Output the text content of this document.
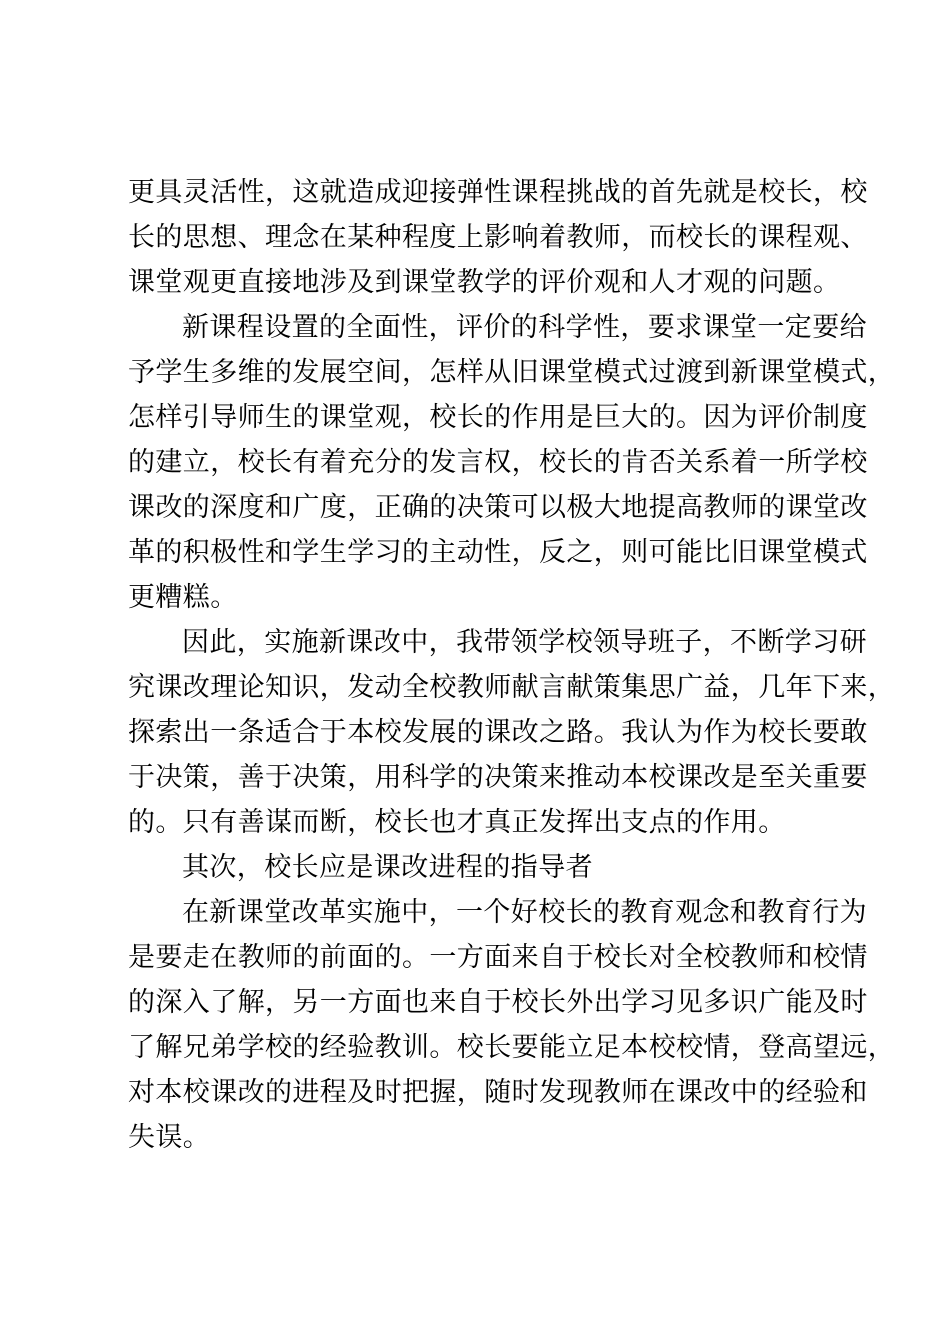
更具灵活性，这就造成迎接弹性课程挑战的首先就是校长，校
长的思想、理念在某种程度上影响着教师，而校长的课程观、
课堂观更直接地涉及到课堂教学的评价观和人才观的问题。
新课程设置的全面性，评价的科学性，要求课堂一定要给
予学生多维的发展空间，怎样从旧课堂模式过渡到新课堂模式，
怎样引导师生的课堂观，校长的作用是巨大的。因为评价制度
的建立，校长有着充分的发言权，校长的肯否关系着一所学校
课改的深度和广度，正确的决策可以极大地提高教师的课堂改
革的积极性和学生学习的主动性，反之，则可能比旧课堂模式
更糟糕。
因此，实施新课改中，我带领学校领导班子，不断学习研
究课改理论知识，发动全校教师献言献策集思广益，几年下来，
探索出一条适合于本校发展的课改之路。我认为作为校长要敢
于决策，善于决策，用科学的决策来推动本校课改是至关重要
的。只有善谋而断，校长也才真正发挥出支点的作用。
其次，校长应是课改进程的指导者
在新课堂改革实施中，一个好校长的教育观念和教育行为
是要走在教师的前面的。一方面来自于校长对全校教师和校情
的深入了解，另一方面也来自于校长外出学习见多识广能及时
了解兄弟学校的经验教训。校长要能立足本校校情，登高望远，
对本校课改的进程及时把握，随时发现教师在课改中的经验和
失误。
